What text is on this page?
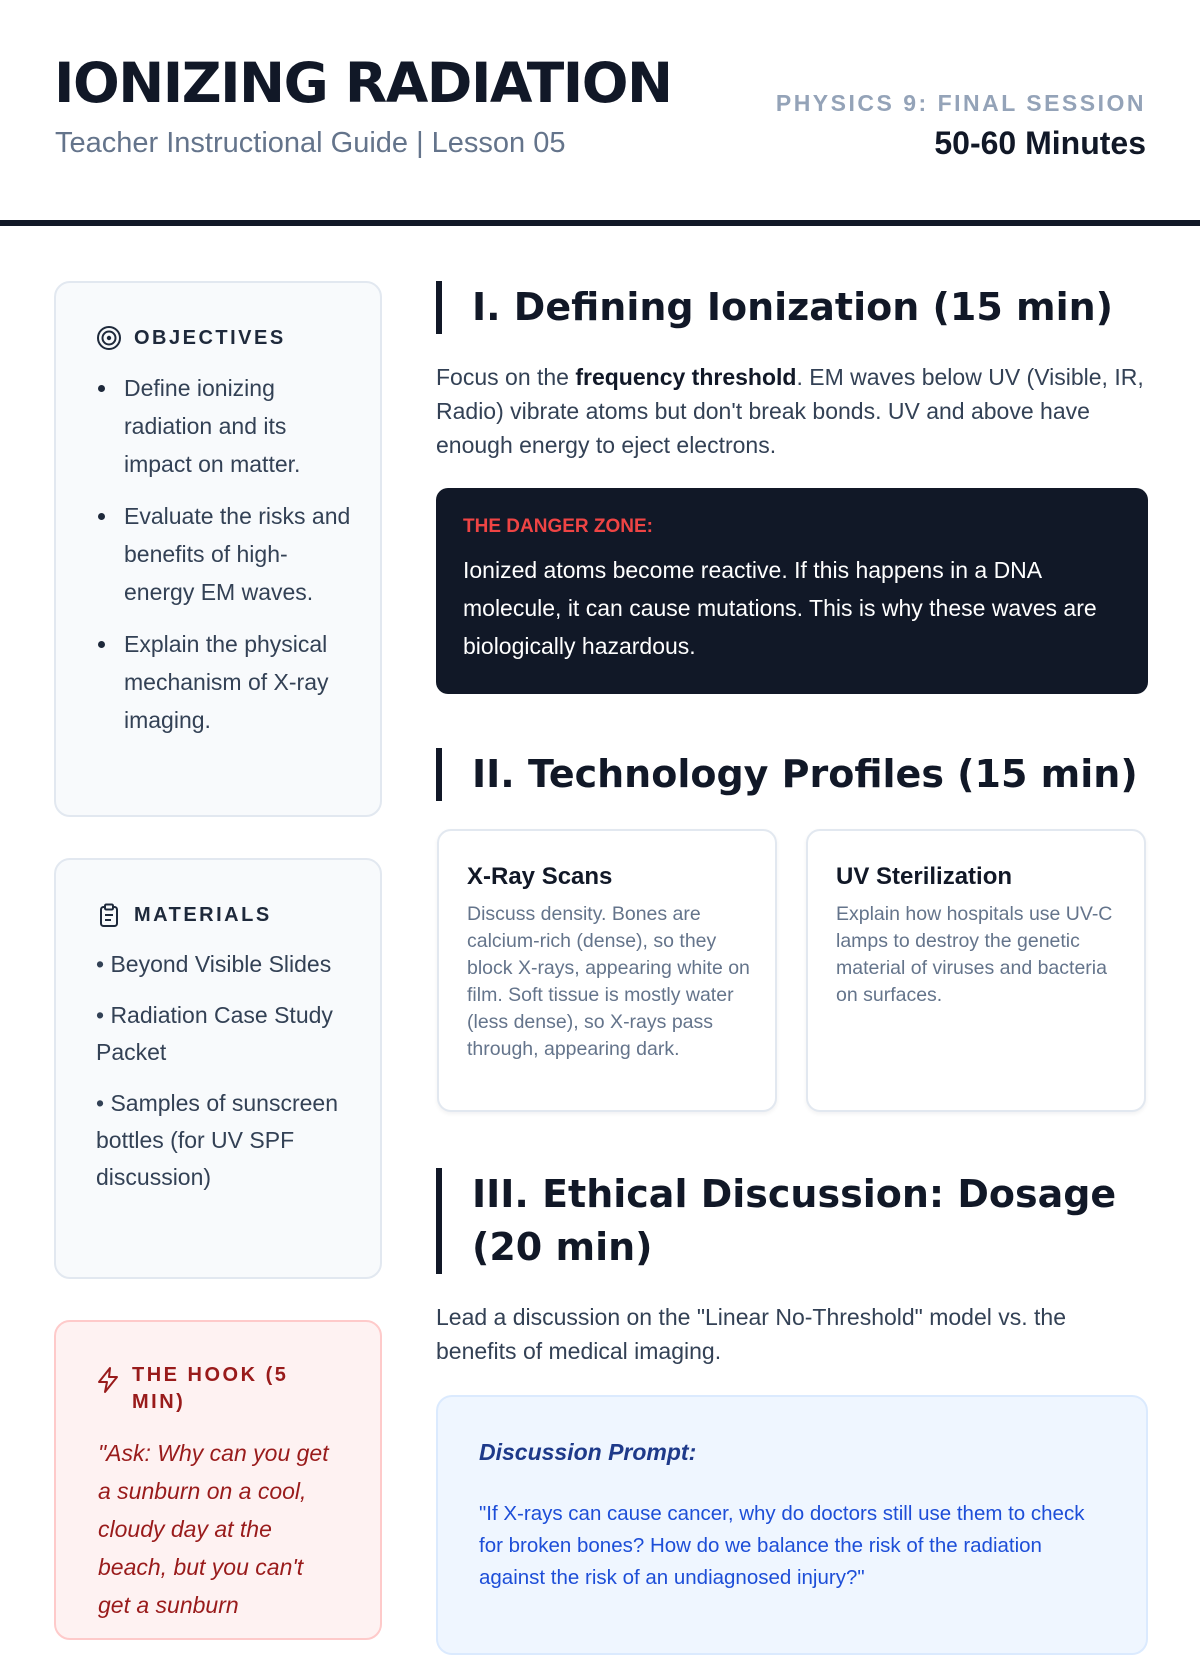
IONIZING RADIATION
Teacher Instructional Guide | Lesson 05
PHYSICS 9: FINAL SESSION
50-60 Minutes
OBJECTIVES
Define ionizing radiation and its impact on matter.
Evaluate the risks and benefits of high-energy EM waves.
Explain the physical mechanism of X-ray imaging.
MATERIALS
• Beyond Visible Slides
• Radiation Case Study Packet
• Samples of sunscreen bottles (for UV SPF discussion)
THE HOOK (5 MIN)
"Ask: Why can you get a sunburn on a cool, cloudy day at the beach, but you can't get a sunburn
I. Defining Ionization (15 min)

Focus on the frequency threshold. EM waves below UV (Visible, IR, Radio) vibrate atoms but don't break bonds. UV and above have enough energy to eject electrons.

THE DANGER ZONE:
Ionized atoms become reactive. If this happens in a DNA molecule, it can cause mutations. This is why these waves are biologically hazardous.
II. Technology Profiles (15 min)
X-Ray Scans
Discuss density. Bones are calcium-rich (dense), so they block X-rays, appearing white on film. Soft tissue is mostly water (less dense), so X-rays pass through, appearing dark.
UV Sterilization
Explain how hospitals use UV-C lamps to destroy the genetic material of viruses and bacteria on surfaces.
III. Ethical Discussion: Dosage (20 min)

Lead a discussion on the "Linear No-Threshold" model vs. the benefits of medical imaging.

Discussion Prompt:
"If X-rays can cause cancer, why do doctors still use them to check for broken bones? How do we balance the risk of the radiation against the risk of an undiagnosed injury?"
